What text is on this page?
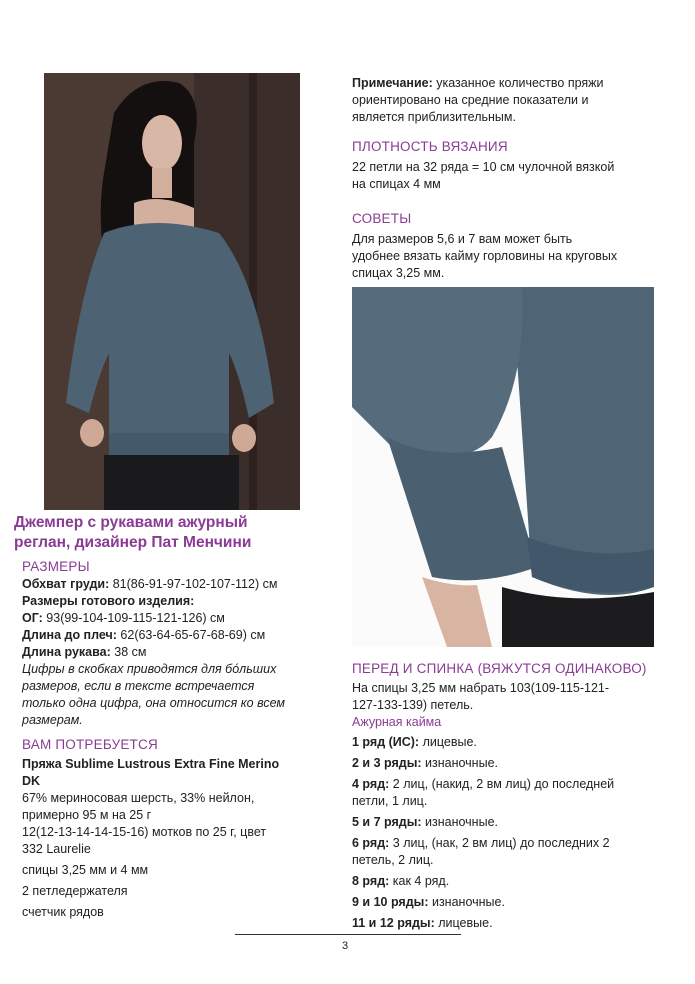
Примечание: указанное количество пряжи
ориентировано на средние показатели и
является приблизительным.
ПЛОТНОСТЬ ВЯЗАНИЯ
22 петли на 32 ряда = 10 см чулочной вязкой
на спицах 4 мм
СОВЕТЫ
Для размеров 5,6 и 7 вам может быть
удобнее вязать кайму горловины на круговых
спицах 3,25 мм.
Джемпер с рукавами ажурный
реглан, дизайнер Пат Менчини
РАЗМЕРЫ
Обхват груди: 81(86-91-97-102-107-112) см
Размеры готового изделия:
ОГ: 93(99-104-109-115-121-126) см
Длина до плеч: 62(63-64-65-67-68-69) см
Длина рукава: 38 см
Цифры в скобках приводятся для бóльших
размеров, если в тексте встречается
только одна цифра, она относится ко всем
размерам.
ВАМ ПОТРЕБУЕТСЯ
Пряжа Sublime Lustrous Extra Fine Merino
DK
67% мериносовая шерсть, 33% нейлон,
примерно 95 м на 25 г
12(12-13-14-14-15-16) мотков по 25 г, цвет
332 Laurelie
спицы 3,25 мм и 4 мм
2 петледержателя
счетчик рядов
ПЕРЕД И СПИНКА (ВЯЖУТСЯ ОДИНАКОВО)
На спицы 3,25 мм набрать 103(109-115-121-
127-133-139) петель.
Ажурная кайма
1 ряд (ИС): лицевые.
2 и 3 ряды: изнаночные.
4 ряд: 2 лиц, (накид, 2 вм лиц) до последней
петли, 1 лиц.
5 и 7 ряды: изнаночные.
6 ряд: 3 лиц, (нак, 2 вм лиц) до последних 2
петель, 2 лиц.
8 ряд: как 4 ряд.
9 и 10 ряды: изнаночные.
11 и 12 ряды: лицевые.
3
